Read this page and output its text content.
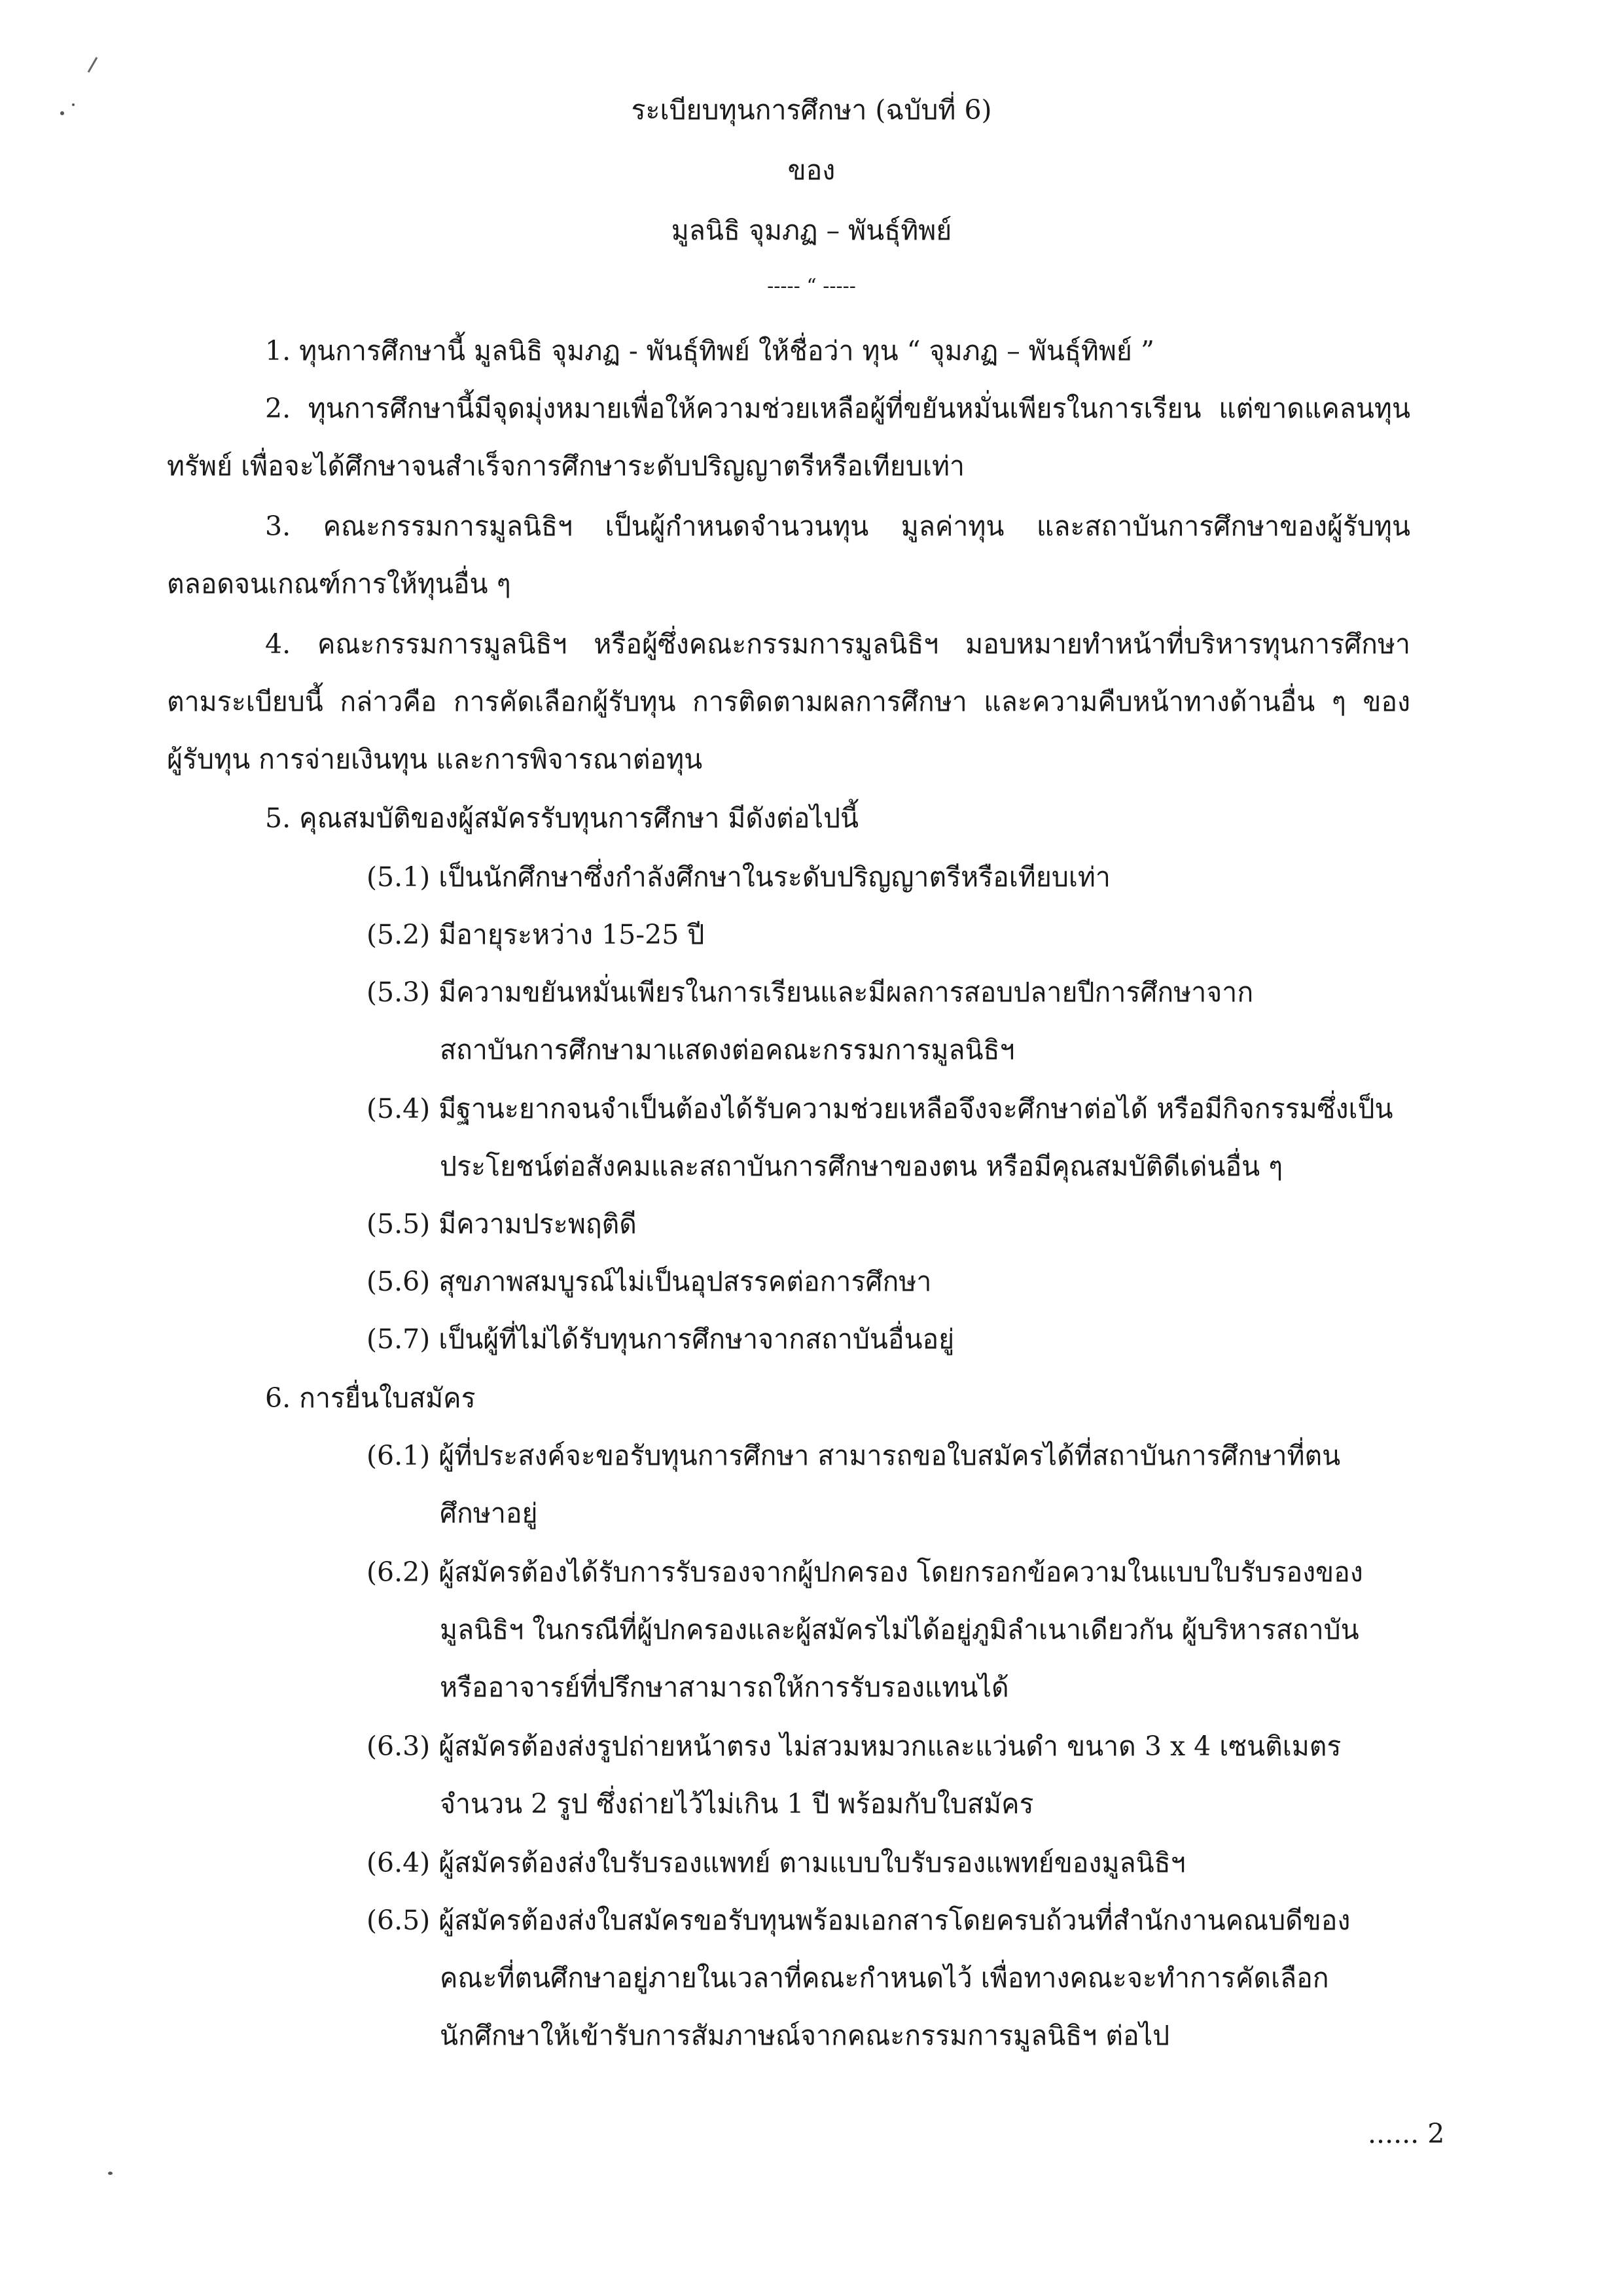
ระเบียบทุนการศึกษา (ฉบับที่ 6)
ของ
มูลนิธิ จุมภฏ – พันธุ์ทิพย์
----- “ -----
1. ทุนการศึกษานี้ มูลนิธิ จุมภฏ - พันธุ์ทิพย์ ให้ชื่อว่า ทุน “ จุมภฏ – พันธุ์ทิพย์ ”
2. ทุนการศึกษานี้มีจุดมุ่งหมายเพื่อให้ความช่วยเหลือผู้ที่ขยันหมั่นเพียรในการเรียน แต่ขาดแคลนทุน
ทรัพย์ เพื่อจะได้ศึกษาจนสำเร็จการศึกษาระดับปริญญาตรีหรือเทียบเท่า
3. คณะกรรมการมูลนิธิฯ เป็นผู้กำหนดจำนวนทุน มูลค่าทุน และสถาบันการศึกษาของผู้รับทุน
ตลอดจนเกณฑ์การให้ทุนอื่น ๆ
4. คณะกรรมการมูลนิธิฯ หรือผู้ซึ่งคณะกรรมการมูลนิธิฯ มอบหมายทำหน้าที่บริหารทุนการศึกษา
ตามระเบียบนี้ กล่าวคือ การคัดเลือกผู้รับทุน การติดตามผลการศึกษา และความคืบหน้าทางด้านอื่น ๆ ของ
ผู้รับทุน การจ่ายเงินทุน และการพิจารณาต่อทุน
5. คุณสมบัติของผู้สมัครรับทุนการศึกษา มีดังต่อไปนี้
(5.1) เป็นนักศึกษาซึ่งกำลังศึกษาในระดับปริญญาตรีหรือเทียบเท่า
(5.2) มีอายุระหว่าง 15-25 ปี
(5.3) มีความขยันหมั่นเพียรในการเรียนและมีผลการสอบปลายปีการศึกษาจาก
สถาบันการศึกษามาแสดงต่อคณะกรรมการมูลนิธิฯ
(5.4) มีฐานะยากจนจำเป็นต้องได้รับความช่วยเหลือจึงจะศึกษาต่อได้ หรือมีกิจกรรมซึ่งเป็น
ประโยชน์ต่อสังคมและสถาบันการศึกษาของตน หรือมีคุณสมบัติดีเด่นอื่น ๆ
(5.5) มีความประพฤติดี
(5.6) สุขภาพสมบูรณ์ไม่เป็นอุปสรรคต่อการศึกษา
(5.7) เป็นผู้ที่ไม่ได้รับทุนการศึกษาจากสถาบันอื่นอยู่
6. การยื่นใบสมัคร
(6.1) ผู้ที่ประสงค์จะขอรับทุนการศึกษา สามารถขอใบสมัครได้ที่สถาบันการศึกษาที่ตน
ศึกษาอยู่
(6.2) ผู้สมัครต้องได้รับการรับรองจากผู้ปกครอง โดยกรอกข้อความในแบบใบรับรองของ
มูลนิธิฯ ในกรณีที่ผู้ปกครองและผู้สมัครไม่ได้อยู่ภูมิลำเนาเดียวกัน ผู้บริหารสถาบัน
หรืออาจารย์ที่ปรึกษาสามารถให้การรับรองแทนได้
(6.3) ผู้สมัครต้องส่งรูปถ่ายหน้าตรง ไม่สวมหมวกและแว่นดำ ขนาด 3 x 4 เซนติเมตร
จำนวน 2 รูป ซึ่งถ่ายไว้ไม่เกิน 1 ปี พร้อมกับใบสมัคร
(6.4) ผู้สมัครต้องส่งใบรับรองแพทย์ ตามแบบใบรับรองแพทย์ของมูลนิธิฯ
(6.5) ผู้สมัครต้องส่งใบสมัครขอรับทุนพร้อมเอกสารโดยครบถ้วนที่สำนักงานคณบดีของ
คณะที่ตนศึกษาอยู่ภายในเวลาที่คณะกำหนดไว้ เพื่อทางคณะจะทำการคัดเลือก
นักศึกษาให้เข้ารับการสัมภาษณ์จากคณะกรรมการมูลนิธิฯ ต่อไป
...... 2
